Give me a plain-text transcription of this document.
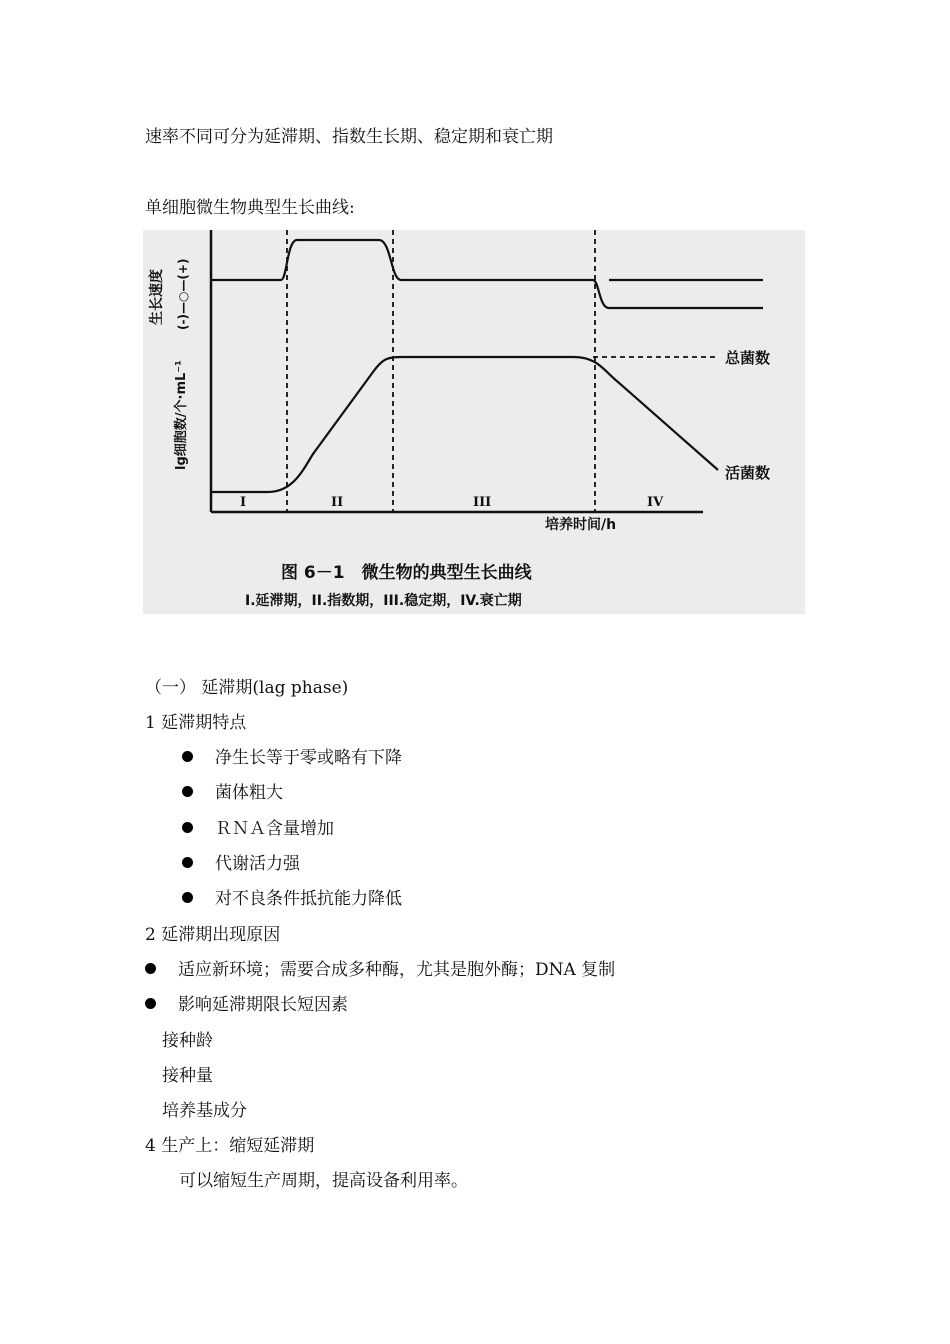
速率不同可分为延滞期、指数生长期、稳定期和衰亡期
单细胞微生物典型生长曲线:
生长速度 (-)—○—(+)
lg细胞数/个·mL⁻¹
总菌数
活菌数
I	II	III	IV
培养时间/h
图 6－1　微生物的典型生长曲线
I.延滞期，II.指数期，III.稳定期，IV.衰亡期
（一） 延滞期(lag phase)
1 延滞期特点
净生长等于零或略有下降
菌体粗大
ＲＮＡ含量增加
代谢活力强
对不良条件抵抗能力降低
2 延滞期出现原因
适应新环境；需要合成多种酶，尤其是胞外酶；DNA 复制
影响延滞期限长短因素
接种龄
接种量
培养基成分
4 生产上：缩短延滞期
可以缩短生产周期，提高设备利用率。
